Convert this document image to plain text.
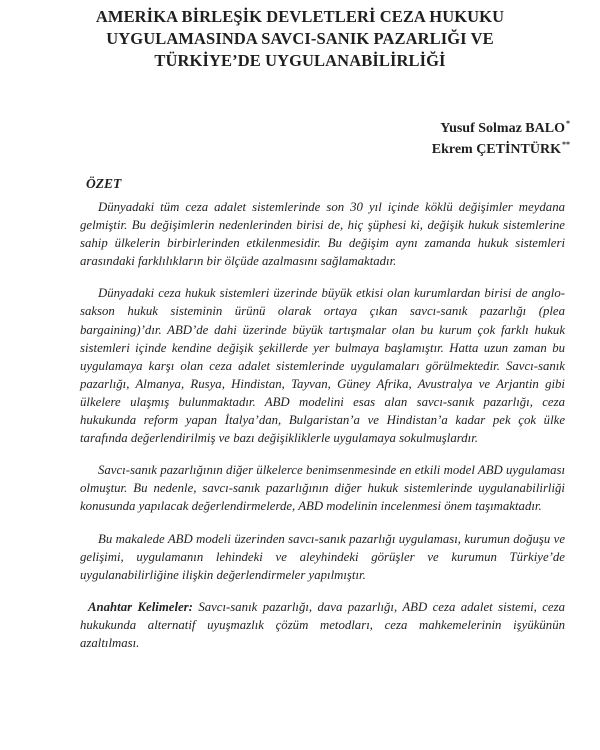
AMERİKA BİRLEŞİK DEVLETLERİ CEZA HUKUKU
UYGULAMASINDA SAVCI-SANIK PAZARLIĞI VE
TÜRKİYE’DE UYGULANABİLİRLİĞİ
Yusuf Solmaz BALO*
Ekrem ÇETİNTÜRK**
ÖZET

Dünyadaki tüm ceza adalet sistemlerinde son 30 yıl içinde köklü değişimler meydana gelmiştir. Bu değişimlerin nedenlerinden birisi de, hiç şüphesi ki, değişik hukuk sistemlerine sahip ülkelerin birbirlerinden etkilenmesidir. Bu değişim aynı zamanda hukuk sistemleri arasındaki farklılıkların bir ölçüde azalmasını sağlamaktadır.

Dünyadaki ceza hukuk sistemleri üzerinde büyük etkisi olan kurumlardan birisi de anglo-sakson hukuk sisteminin ürünü olarak ortaya çıkan savcı-sanık pazarlığı (plea bargaining)’dır. ABD’de dahi üzerinde büyük tartışmalar olan bu kurum çok farklı hukuk sistemleri içinde kendine değişik şekillerde yer bulmaya başlamıştır. Hatta uzun zaman bu uygulamaya karşı olan ceza adalet sistemlerinde uygulamaları görülmektedir. Savcı-sanık pazarlığı, Almanya, Rusya, Hindistan, Tayvan, Güney Afrika, Avustralya ve Arjantin gibi ülkelere ulaşmış bulunmaktadır. ABD modelini esas alan savcı-sanık pazarlığı, ceza hukukunda reform yapan İtalya’dan, Bulgaristan’a ve Hindistan’a kadar pek çok ülke tarafında değerlendirilmiş ve bazı değişikliklerle uygulamaya sokulmuşlardır.

Savcı-sanık pazarlığının diğer ülkelerce benimsenmesinde en etkili model ABD uygulaması olmuştur. Bu nedenle, savcı-sanık pazarlığının diğer hukuk sistemlerinde uygulanabilirliği konusunda yapılacak değerlendirmelerde, ABD modelinin incelenmesi önem taşımaktadır.

Bu makalede ABD modeli üzerinden savcı-sanık pazarlığı uygulaması, kurumun doğuşu ve gelişimi, uygulamanın lehindeki ve aleyhindeki görüşler ve kurumun Türkiye’de uygulanabilirliğine ilişkin değerlendirmeler yapılmıştır.

Anahtar Kelimeler: Savcı-sanık pazarlığı, dava pazarlığı, ABD ceza adalet sistemi, ceza hukukunda alternatif uyuşmazlık çözüm metodları, ceza mahkemelerinin işyükünün azaltılması.
